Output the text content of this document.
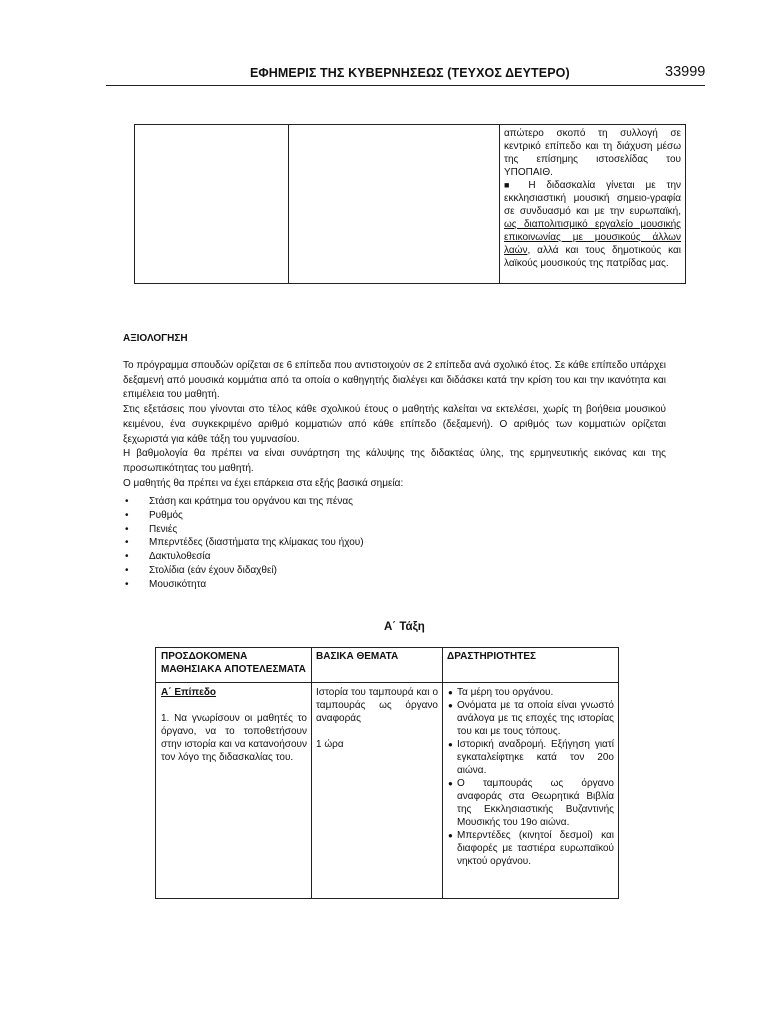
ΕΦΗΜΕΡΙΣ ΤΗΣ ΚΥΒΕΡΝΗΣΕΩΣ (ΤΕΥΧΟΣ ΔΕΥΤΕΡΟ)	33999

απώτερο σκοπό τη συλλογή σε κεντρικό επίπεδο και τη διάχυση μέσω της επίσημης ιστοσελίδας του ΥΠΟΠΑΙΘ.

■ Η διδασκαλία γίνεται με την εκκλησιαστική μουσική σημειο-γραφία σε συνδυασμό και με την ευρωπαϊκή, ως διαπολιτισμικό εργαλείο μουσικής επικοινωνίας με μουσικούς άλλων λαών, αλλά και τους δημοτικούς και λαϊκούς μουσικούς της πατρίδας μας.

ΑΞΙΟΛΟΓΗΣΗ

Το πρόγραμμα σπουδών ορίζεται σε 6 επίπεδα που αντιστοιχούν σε 2 επίπεδα ανά σχολικό έτος. Σε κάθε επίπεδο υπάρχει δεξαμενή από μουσικά κομμάτια από τα οποία ο καθηγητής διαλέγει και διδάσκει κατά την κρίση του και την ικανότητα και επιμέλεια του μαθητή.

Στις εξετάσεις που γίνονται στο τέλος κάθε σχολικού έτους ο μαθητής καλείται να εκτελέσει, χωρίς τη βοήθεια μουσικού κειμένου, ένα συγκεκριμένο αριθμό κομματιών από κάθε επίπεδο (δεξαμενή). Ο αριθμός των κομματιών ορίζεται ξεχωριστά για κάθε τάξη του γυμνασίου.

Η βαθμολογία θα πρέπει να είναι συνάρτηση της κάλυψης της διδακτέας ύλης, της ερμηνευτικής εικόνας και της προσωπικότητας του μαθητή.

Ο μαθητής θα πρέπει να έχει επάρκεια στα εξής βασικά σημεία:

• Στάση και κράτημα του οργάνου και της πένας
• Ρυθμός
• Πενιές
• Μπερντέδες (διαστήματα της κλίμακας του ήχου)
• Δακτυλοθεσία
• Στολίδια (εάν έχουν διδαχθεί)
• Μουσικότητα
Α΄ Τάξη
ΠΡΟΣΔΟΚΟΜΕΝΑ ΜΑΘΗΣΙΑΚΑ ΑΠΟΤΕΛΕΣΜΑΤΑ
ΒΑΣΙΚΑ ΘΕΜΑΤΑ	ΔΡΑΣΤΗΡΙΟΤΗΤΕΣ
Α΄ Επίπεδο

1. Να γνωρίσουν οι μαθητές το όργανο, να το τοποθετήσουν στην ιστορία και να κατανοήσουν τον λόγο της διδασκαλίας του.

Ιστορία του ταμπουρά και ο ταμπουράς ως όργανο αναφοράς

1 ώρα

● Τα μέρη του οργάνου.
● Ονόματα με τα οποία είναι γνωστό ανάλογα με τις εποχές της ιστορίας του και με τους τόπους.
● Ιστορική αναδρομή. Εξήγηση γιατί εγκαταλείφτηκε κατά τον 20ο αιώνα.
● Ο ταμπουράς ως όργανο αναφοράς στα Θεωρητικά Βιβλία της Εκκλησιαστικής Βυζαντινής Μουσικής του 19ο αιώνα.
● Μπερντέδες (κινητοί δεσμοί) και διαφορές με ταστιέρα ευρωπαϊκού νηκτού οργάνου.
